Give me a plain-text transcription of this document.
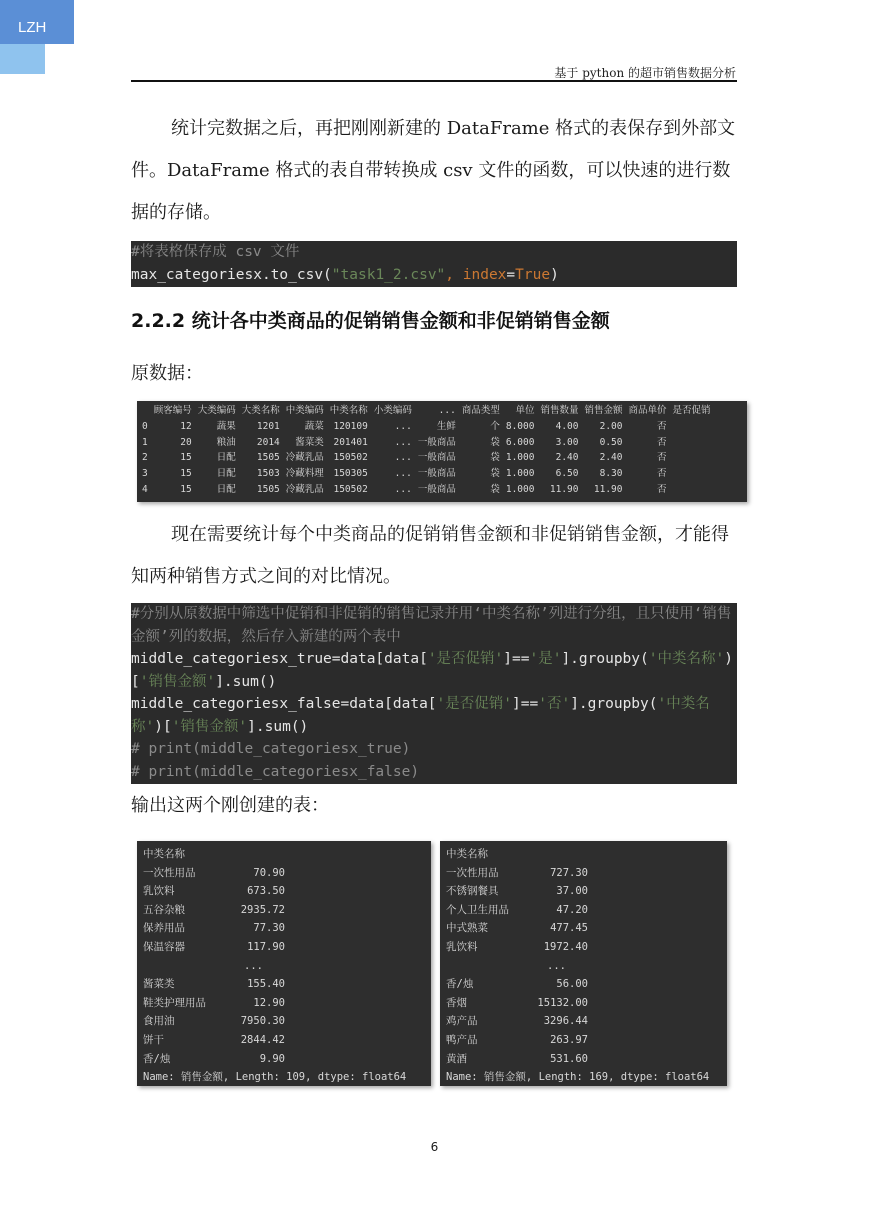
LZH
基于 python 的超市销售数据分析

统计完数据之后，再把刚刚新建的 DataFrame 格式的表保存到外部文件。DataFrame 格式的表自带转换成 csv 文件的函数，可以快速的进行数据的存储。

#将表格保存成 csv 文件
max_categoriesx.to_csv("task1_2.csv", index=True)
2.2.2 统计各中类商品的促销销售金额和非促销销售金额

原数据：

	顾客编号	大类编码	大类名称	中类编码	中类名称	小类编码	...	商品类型	单位	销售数量	销售金额	商品单价	是否促销
0	12	蔬果	1201	蔬菜	120109	...	生鲜	个	8.000	4.00	2.00	否	
1	20	粮油	2014	酱菜类	201401	...	一般商品	袋	6.000	3.00	0.50	否	
2	15	日配	1505	冷藏乳品	150502	...	一般商品	袋	1.000	2.40	2.40	否	
3	15	日配	1503	冷藏料理	150305	...	一般商品	袋	1.000	6.50	8.30	否	
4	15	日配	1505	冷藏乳品	150502	...	一般商品	袋	1.000	11.90	11.90	否	

现在需要统计每个中类商品的促销销售金额和非促销销售金额，才能得知两种销售方式之间的对比情况。

#分别从原数据中筛选中促销和非促销的销售记录并用‘中类名称’列进行分组，且只使用‘销售金额’列的数据，然后存入新建的两个表中
middle_categoriesx_true=data[data['是否促销']=='是'].groupby('中类名称')['销售金额'].sum()
middle_categoriesx_false=data[data['是否促销']=='否'].groupby('中类名称')['销售金额'].sum()
# print(middle_categoriesx_true)
# print(middle_categoriesx_false)

输出这两个刚创建的表：

中类名称
一次性用品	70.90
乳饮料	673.50
五谷杂粮	2935.72
保养用品	77.30
保温容器	117.90
...
酱菜类	155.40
鞋类护理用品	12.90
食用油	7950.30
饼干	2844.42
香/烛	9.90
Name: 销售金额, Length: 109, dtype: float64
中类名称
一次性用品	727.30
不锈钢餐具	37.00
个人卫生用品	47.20
中式熟菜	477.45
乳饮料	1972.40
...
香/烛	56.00
香烟	15132.00
鸡产品	3296.44
鸭产品	263.97
黄酒	531.60
Name: 销售金额, Length: 169, dtype: float64
6
